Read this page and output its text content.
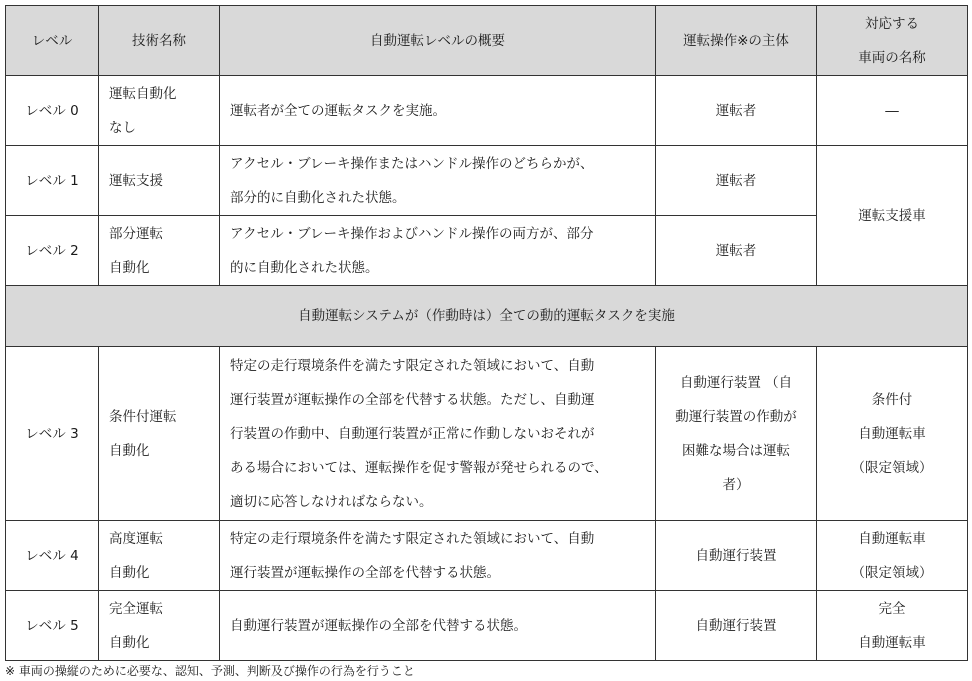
レベル	技術名称	自動運転レベルの概要	運転操作※の主体	対応する
車両の名称

レベル 0	運転自動化
なし	運転者が全ての運転タスクを実施。	運転者	―

レベル 1	運転支援	アクセル・ブレーキ操作またはハンドル操作のどちらかが、
部分的に自動化された状態。	運転者	運転支援車

レベル 2	部分運転
自動化	アクセル・ブレーキ操作およびハンドル操作の両方が、部分
的に自動化された状態。	運転者	

自動運転システムが（作動時は）全ての動的運転タスクを実施				
レベル 3	条件付運転
自動化	特定の走行環境条件を満たす限定された領域において、自動
運行装置が運転操作の全部を代替する状態。ただし、自動運
行装置の作動中、自動運行装置が正常に作動しないおそれが
ある場合においては、運転操作を促す警報が発せられるので、
適切に応答しなければならない。	自動運行装置 （自
動運行装置の作動が
困難な場合は運転
者）	条件付
自動運転車
（限定領域）

レベル 4	高度運転
自動化	特定の走行環境条件を満たす限定された領域において、自動
運行装置が運転操作の全部を代替する状態。	自動運行装置	自動運転車
（限定領域）

レベル 5	完全運転
自動化	自動運行装置が運転操作の全部を代替する状態。	自動運行装置	完全
自動運転車
※ 車両の操縦のために必要な、認知、予測、判断及び操作の行為を行うこと
